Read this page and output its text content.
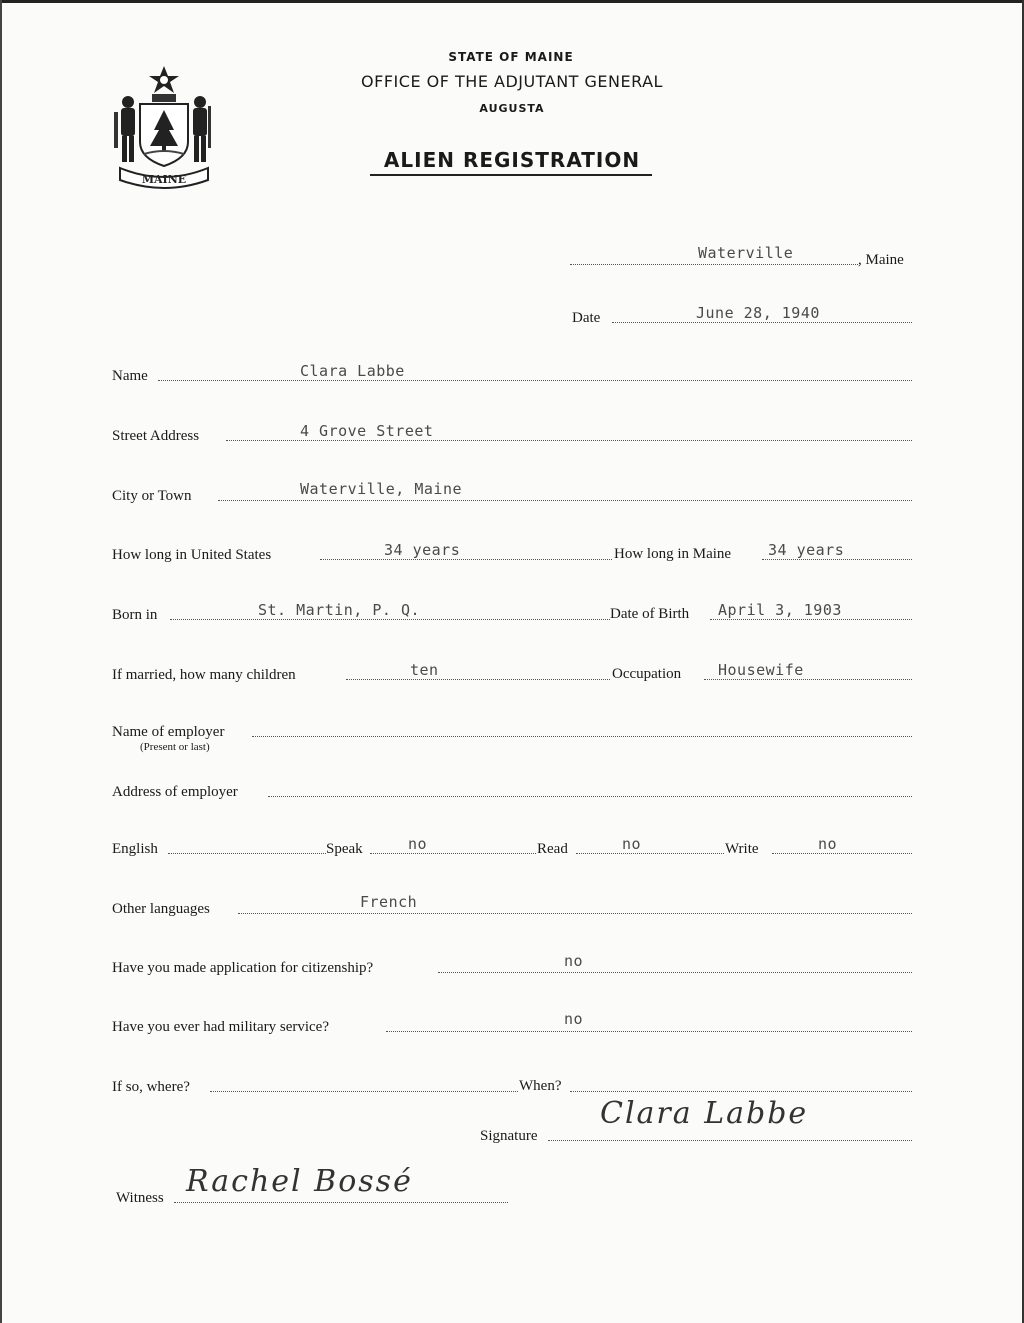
MAINE
STATE OF MAINE
OFFICE OF THE ADJUTANT GENERAL
AUGUSTA
ALIEN REGISTRATION
Waterville	, Maine
Date	June 28, 1940
Name	Clara Labbe
Street Address	4 Grove Street
City or Town	Waterville, Maine
How long in United States	34 years	How long in Maine 34 years
Born in	St. Martin, P. Q.	Date of Birth April 3, 1903
If married, how many children	ten	Occupation Housewife
Name of employer
(Present or last)
Address of employer
English	Speak	no	Read	no	Write	no
Other languages	French
Have you made application for citizenship?	no
Have you ever had military service?	no
If so, where?	When?
Signature
Clara Labbe
Witness Rachel Bossé
